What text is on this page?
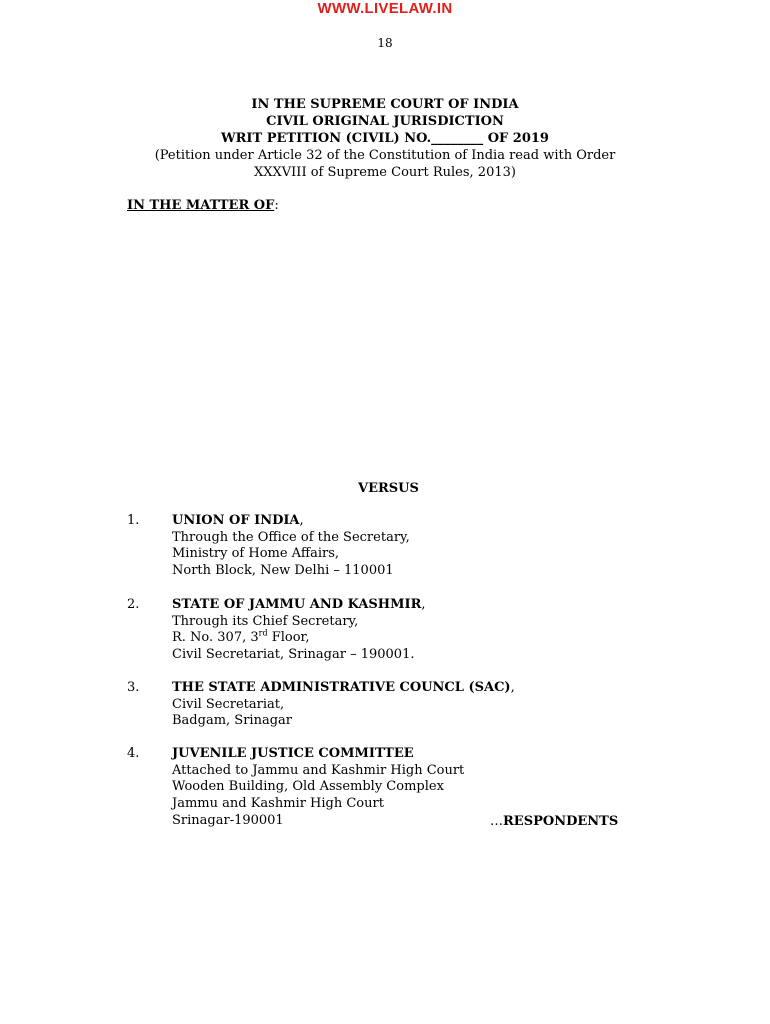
WWW.LIVELAW.IN
18
IN THE SUPREME COURT OF INDIA
CIVIL ORIGINAL JURISDICTION
WRIT PETITION (CIVIL) NO.________ OF 2019
(Petition under Article 32 of the Constitution of India read with Order
XXXVIII of Supreme Court Rules, 2013)
IN THE MATTER OF:
VERSUS
1.	UNION OF INDIA,
Through the Office of the Secretary,
Ministry of Home Affairs,
North Block, New Delhi – 110001
2.	STATE OF JAMMU AND KASHMIR,
Through its Chief Secretary,
R. No. 307, 3rd Floor,
Civil Secretariat, Srinagar – 190001.
3.	THE STATE ADMINISTRATIVE COUNCL (SAC),
Civil Secretariat,
Badgam, Srinagar
4.	JUVENILE JUSTICE COMMITTEE
Attached to Jammu and Kashmir High Court
Wooden Building, Old Assembly Complex
Jammu and Kashmir High Court
Srinagar-190001	…RESPONDENTS
